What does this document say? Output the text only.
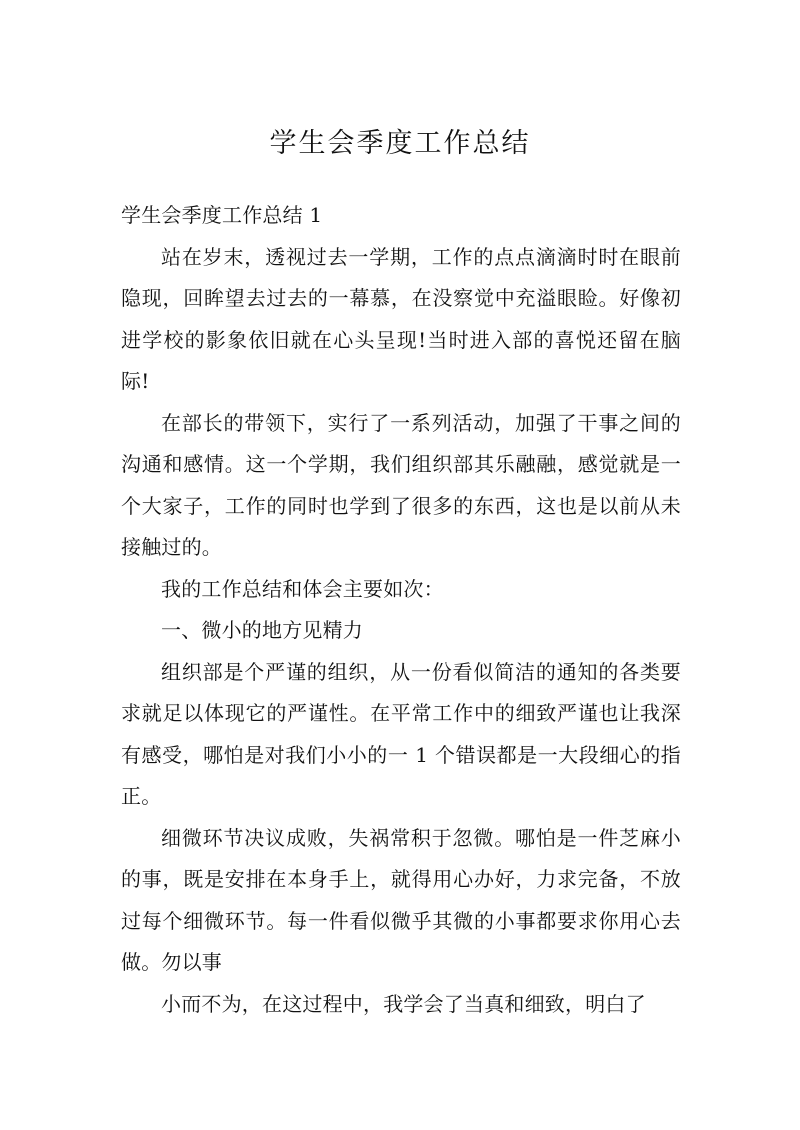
学生会季度工作总结

学生会季度工作总结 1

站在岁末，透视过去一学期，工作的点点滴滴时时在眼前隐现，回眸望去过去的一幕慕，在没察觉中充溢眼睑。好像初进学校的影象依旧就在心头呈现!当时进入部的喜悦还留在脑际!

在部长的带领下，实行了一系列活动，加强了干事之间的沟通和感情。这一个学期，我们组织部其乐融融，感觉就是一个大家子，工作的同时也学到了很多的东西，这也是以前从未接触过的。

我的工作总结和体会主要如次：

一、微小的地方见精力

组织部是个严谨的组织，从一份看似简洁的通知的各类要求就足以体现它的严谨性。在平常工作中的细致严谨也让我深有感受，哪怕是对我们小小的一 1 个错误都是一大段细心的指正。

细微环节决议成败，失祸常积于忽微。哪怕是一件芝麻小的事，既是安排在本身手上，就得用心办好，力求完备，不放过每个细微环节。每一件看似微乎其微的小事都要求你用心去做。勿以事

小而不为，在这过程中，我学会了当真和细致，明白了
